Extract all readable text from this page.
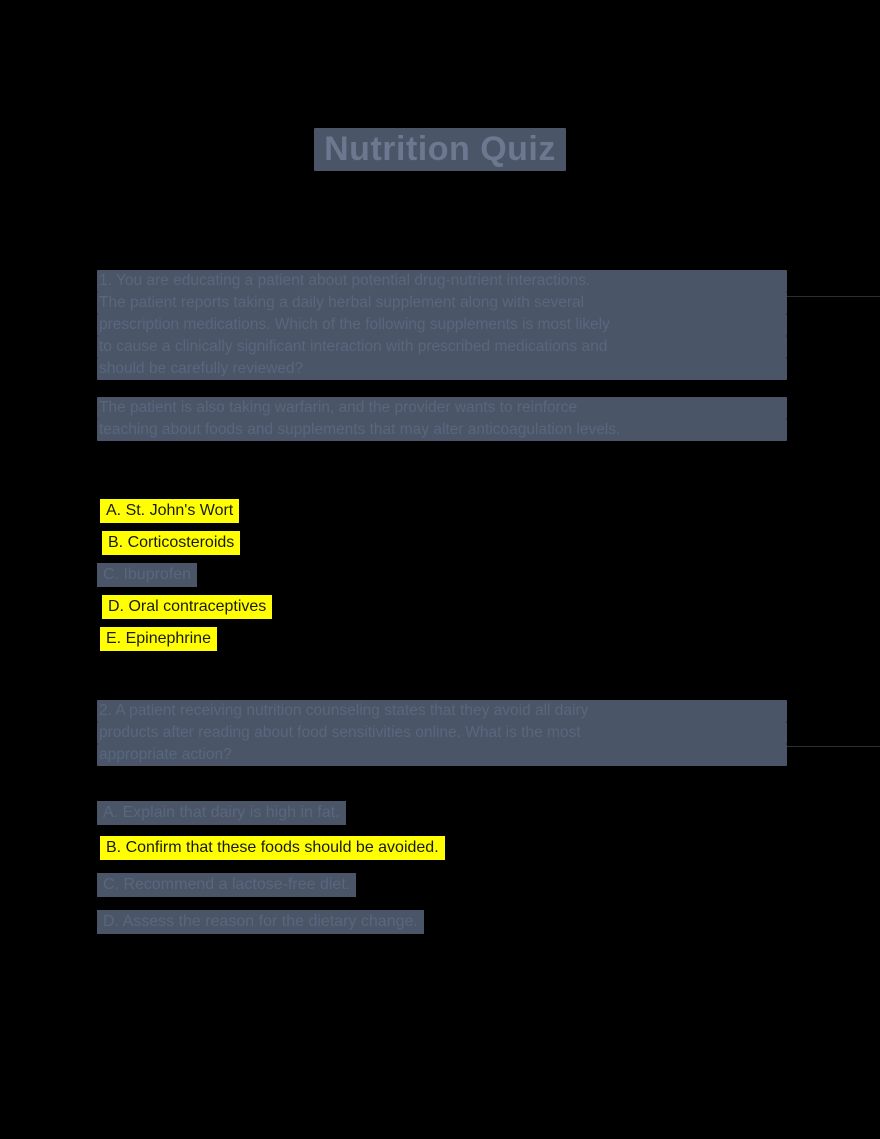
Nutrition Quiz
1. You are educating a patient about potential drug-nutrient interactions.
The patient reports taking a daily herbal supplement along with several
prescription medications. Which of the following supplements is most likely
to cause a clinically significant interaction with prescribed medications and
should be carefully reviewed?
The patient is also taking warfarin, and the provider wants to reinforce
teaching about foods and supplements that may alter anticoagulation levels.
A. St. John's Wort
B. Corticosteroids
C. Ibuprofen
D. Oral contraceptives
E. Epinephrine
2. A patient receiving nutrition counseling states that they avoid all dairy
products after reading about food sensitivities online. What is the most
appropriate action?
A. Explain that dairy is high in fat.
B. Confirm that these foods should be avoided.
C. Recommend a lactose-free diet.
D. Assess the reason for the dietary change.
